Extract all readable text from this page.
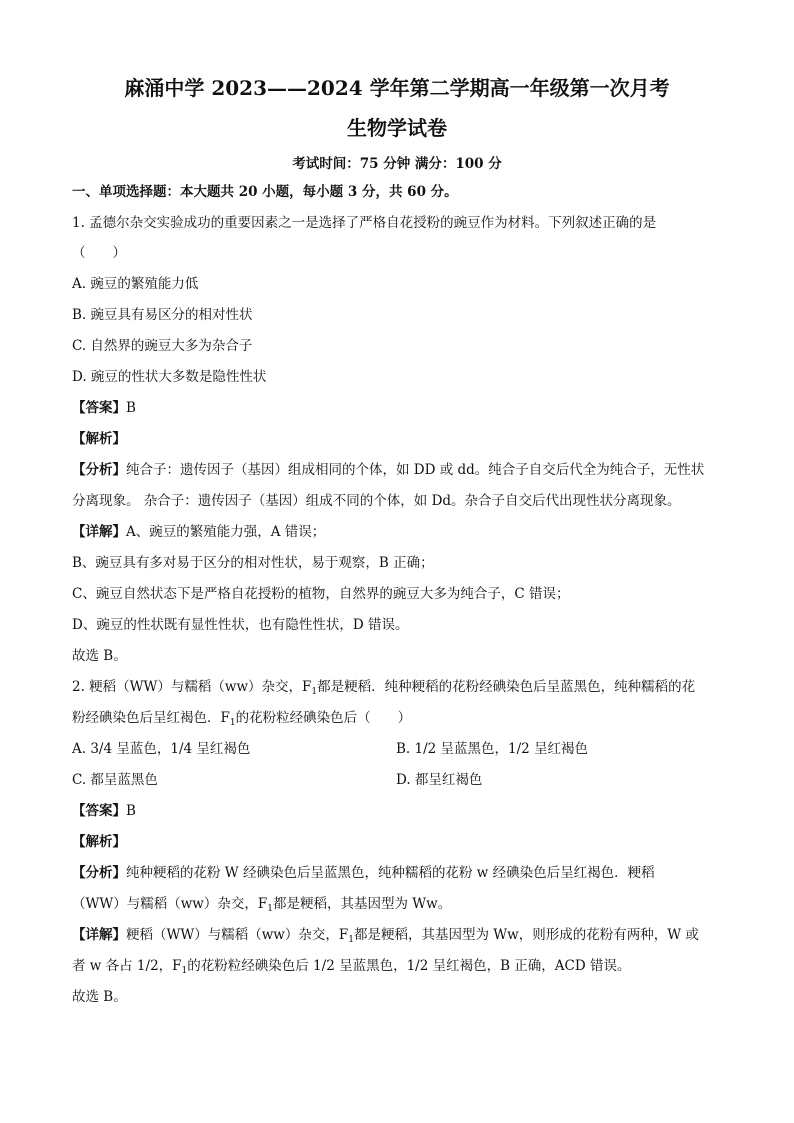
麻涌中学 2023——2024 学年第二学期高一年级第一次月考
生物学试卷
考试时间：75 分钟 满分：100 分
一、单项选择题：本大题共 20 小题，每小题 3 分，共 60 分。
1. 孟德尔杂交实验成功的重要因素之一是选择了严格自花授粉的豌豆作为材料。下列叙述正确的是
（　　）
A. 豌豆的繁殖能力低
B. 豌豆具有易区分的相对性状
C. 自然界的豌豆大多为杂合子
D. 豌豆的性状大多数是隐性性状
【答案】B
【解析】
【分析】纯合子：遗传因子（基因）组成相同的个体，如 DD 或 dd。纯合子自交后代全为纯合子，无性状
分离现象。 杂合子：遗传因子（基因）组成不同的个体，如 Dd。杂合子自交后代出现性状分离现象。
【详解】A、豌豆的繁殖能力强，A 错误；
B、豌豆具有多对易于区分的相对性状，易于观察，B 正确；
C、豌豆自然状态下是严格自花授粉的植物，自然界的豌豆大多为纯合子，C 错误；
D、豌豆的性状既有显性性状，也有隐性性状，D 错误。
故选 B。
2. 粳稻（WW）与糯稻（ww）杂交，$F_1$都是粳稻．纯种粳稻的花粉经碘染色后呈蓝黑色，纯种糯稻的花
粉经碘染色后呈红褐色．$F_1$的花粉粒经碘染色后（　　）
A. 3/4 呈蓝色，1/4 呈红褐色	B. 1/2 呈蓝黑色，1/2 呈红褐色
C. 都呈蓝黑色	D. 都呈红褐色
【答案】B
【解析】
【分析】纯种粳稻的花粉 W 经碘染色后呈蓝黑色，纯种糯稻的花粉 w 经碘染色后呈红褐色．粳稻
（WW）与糯稻（ww）杂交，$F_1$都是粳稻，其基因型为 Ww。
【详解】粳稻（WW）与糯稻（ww）杂交，$F_1$都是粳稻，其基因型为 Ww，则形成的花粉有两种，W 或
者 w 各占 1/2，$F_1$的花粉粒经碘染色后 1/2 呈蓝黑色，1/2 呈红褐色，B 正确，ACD 错误。
故选 B。
